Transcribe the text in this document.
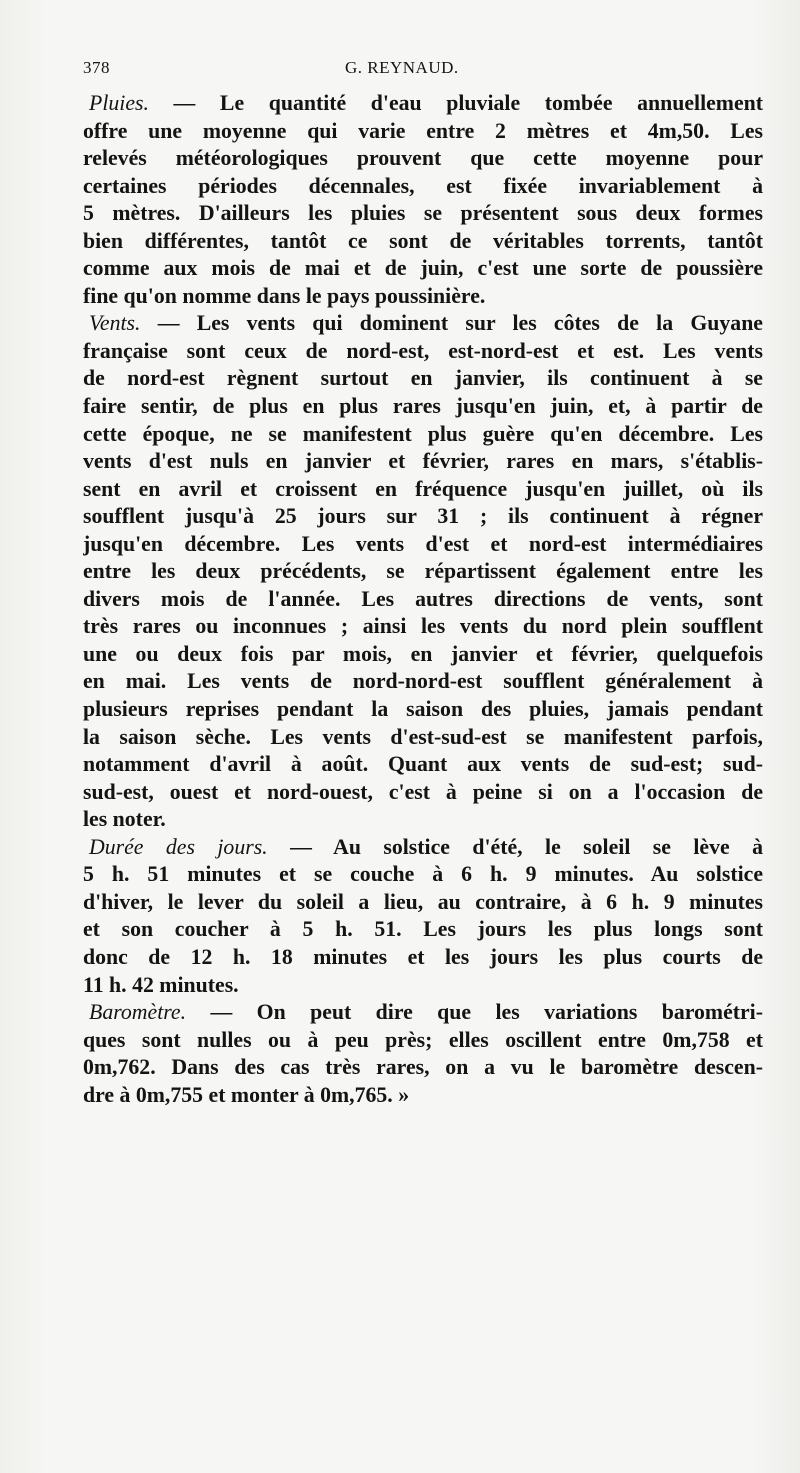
378	G. REYNAUD.
Pluies. — Le quantité d'eau pluviale tombée annuellement
offre une moyenne qui varie entre 2 mètres et 4m,50. Les
relevés météorologiques prouvent que cette moyenne pour
certaines périodes décennales, est fixée invariablement à
5 mètres. D'ailleurs les pluies se présentent sous deux formes
bien différentes, tantôt ce sont de véritables torrents, tantôt
comme aux mois de mai et de juin, c'est une sorte de poussière
fine qu'on nomme dans le pays poussinière.
Vents. — Les vents qui dominent sur les côtes de la Guyane
française sont ceux de nord-est, est-nord-est et est. Les vents
de nord-est règnent surtout en janvier, ils continuent à se
faire sentir, de plus en plus rares jusqu'en juin, et, à partir de
cette époque, ne se manifestent plus guère qu'en décembre. Les
vents d'est nuls en janvier et février, rares en mars, s'établis-
sent en avril et croissent en fréquence jusqu'en juillet, où ils
soufflent jusqu'à 25 jours sur 31 ; ils continuent à régner
jusqu'en décembre. Les vents d'est et nord-est intermédiaires
entre les deux précédents, se répartissent également entre les
divers mois de l'année. Les autres directions de vents, sont
très rares ou inconnues ; ainsi les vents du nord plein soufflent
une ou deux fois par mois, en janvier et février, quelquefois
en mai. Les vents de nord-nord-est soufflent généralement à
plusieurs reprises pendant la saison des pluies, jamais pendant
la saison sèche. Les vents d'est-sud-est se manifestent parfois,
notamment d'avril à août. Quant aux vents de sud-est; sud-
sud-est, ouest et nord-ouest, c'est à peine si on a l'occasion de
les noter.
Durée des jours. — Au solstice d'été, le soleil se lève à
5 h. 51 minutes et se couche à 6 h. 9 minutes. Au solstice
d'hiver, le lever du soleil a lieu, au contraire, à 6 h. 9 minutes
et son coucher à 5 h. 51. Les jours les plus longs sont
donc de 12 h. 18 minutes et les jours les plus courts de
11 h. 42 minutes.
Baromètre. — On peut dire que les variations barométri-
ques sont nulles ou à peu près; elles oscillent entre 0m,758 et
0m,762. Dans des cas très rares, on a vu le baromètre descen-
dre à 0m,755 et monter à 0m,765. »
